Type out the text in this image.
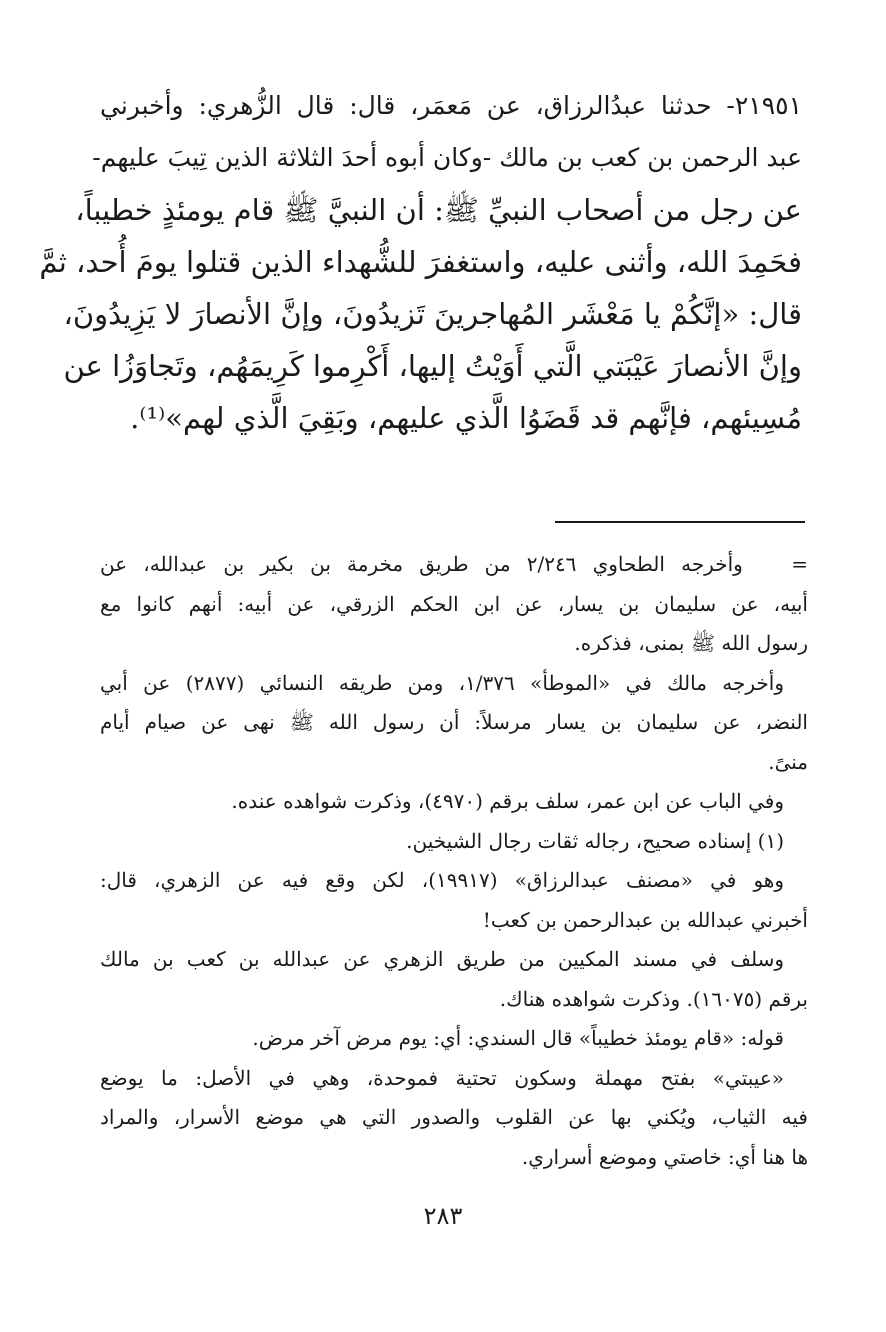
٢١٩٥١- حدثنا عبدُالرزاق، عن مَعمَر، قال: قال الزُّهري: وأخبرني
عبد الرحمن بن كعب بن مالك -وكان أبوه أحدَ الثلاثة الذين تِيبَ عليهم-
عن رجل من أصحاب النبيِّ ﷺ: أن النبيَّ ﷺ قام يومئذٍ خطيباً،
فحَمِدَ الله، وأثنى عليه، واستغفرَ للشُّهداء الذين قتلوا يومَ أُحد، ثمَّ
قال: «إنَّكُمْ يا مَعْشَر المُهاجرينَ تَزيدُونَ، وإنَّ الأنصارَ لا يَزِيدُونَ،
وإنَّ الأنصارَ عَيْبَتي الَّتي أَوَيْتُ إليها، أَكْرِموا كَرِيمَهُم، وتَجاوَزُا عن
مُسِيئهم، فإنَّهم قد قَضَوُا الَّذي عليهم، وبَقِيَ الَّذي لهم»⁽¹⁾.
=   وأخرجه الطحاوي ٢/٢٤٦ من طريق مخرمة بن بكير بن عبدالله، عن
أبيه، عن سليمان بن يسار، عن ابن الحكم الزرقي، عن أبيه: أنهم كانوا مع
رسول الله ﷺ بمنى، فذكره.
وأخرجه مالك في «الموطأ» ١/٣٧٦، ومن طريقه النسائي (٢٨٧٧) عن أبي
النضر، عن سليمان بن يسار مرسلاً: أن رسول الله ﷺ نهى عن صيام أيام
منىً.
وفي الباب عن ابن عمر، سلف برقم (٤٩٧٠)، وذكرت شواهده عنده.
(١) إسناده صحيح، رجاله ثقات رجال الشيخين.
وهو في «مصنف عبدالرزاق» (١٩٩١٧)، لكن وقع فيه عن الزهري، قال:
أخبرني عبدالله بن عبدالرحمن بن كعب!
وسلف في مسند المكيين من طريق الزهري عن عبدالله بن كعب بن مالك
برقم (١٦٠٧٥). وذكرت شواهده هناك.
قوله: «قام يومئذ خطيباً» قال السندي: أي: يوم مرض آخر مرض.
«عيبتي» بفتح مهملة وسكون تحتية فموحدة، وهي في الأصل: ما يوضع
فيه الثياب، ويُكني بها عن القلوب والصدور التي هي موضع الأسرار، والمراد
ها هنا أي: خاصتي وموضع أسراري.
٢٨٣
